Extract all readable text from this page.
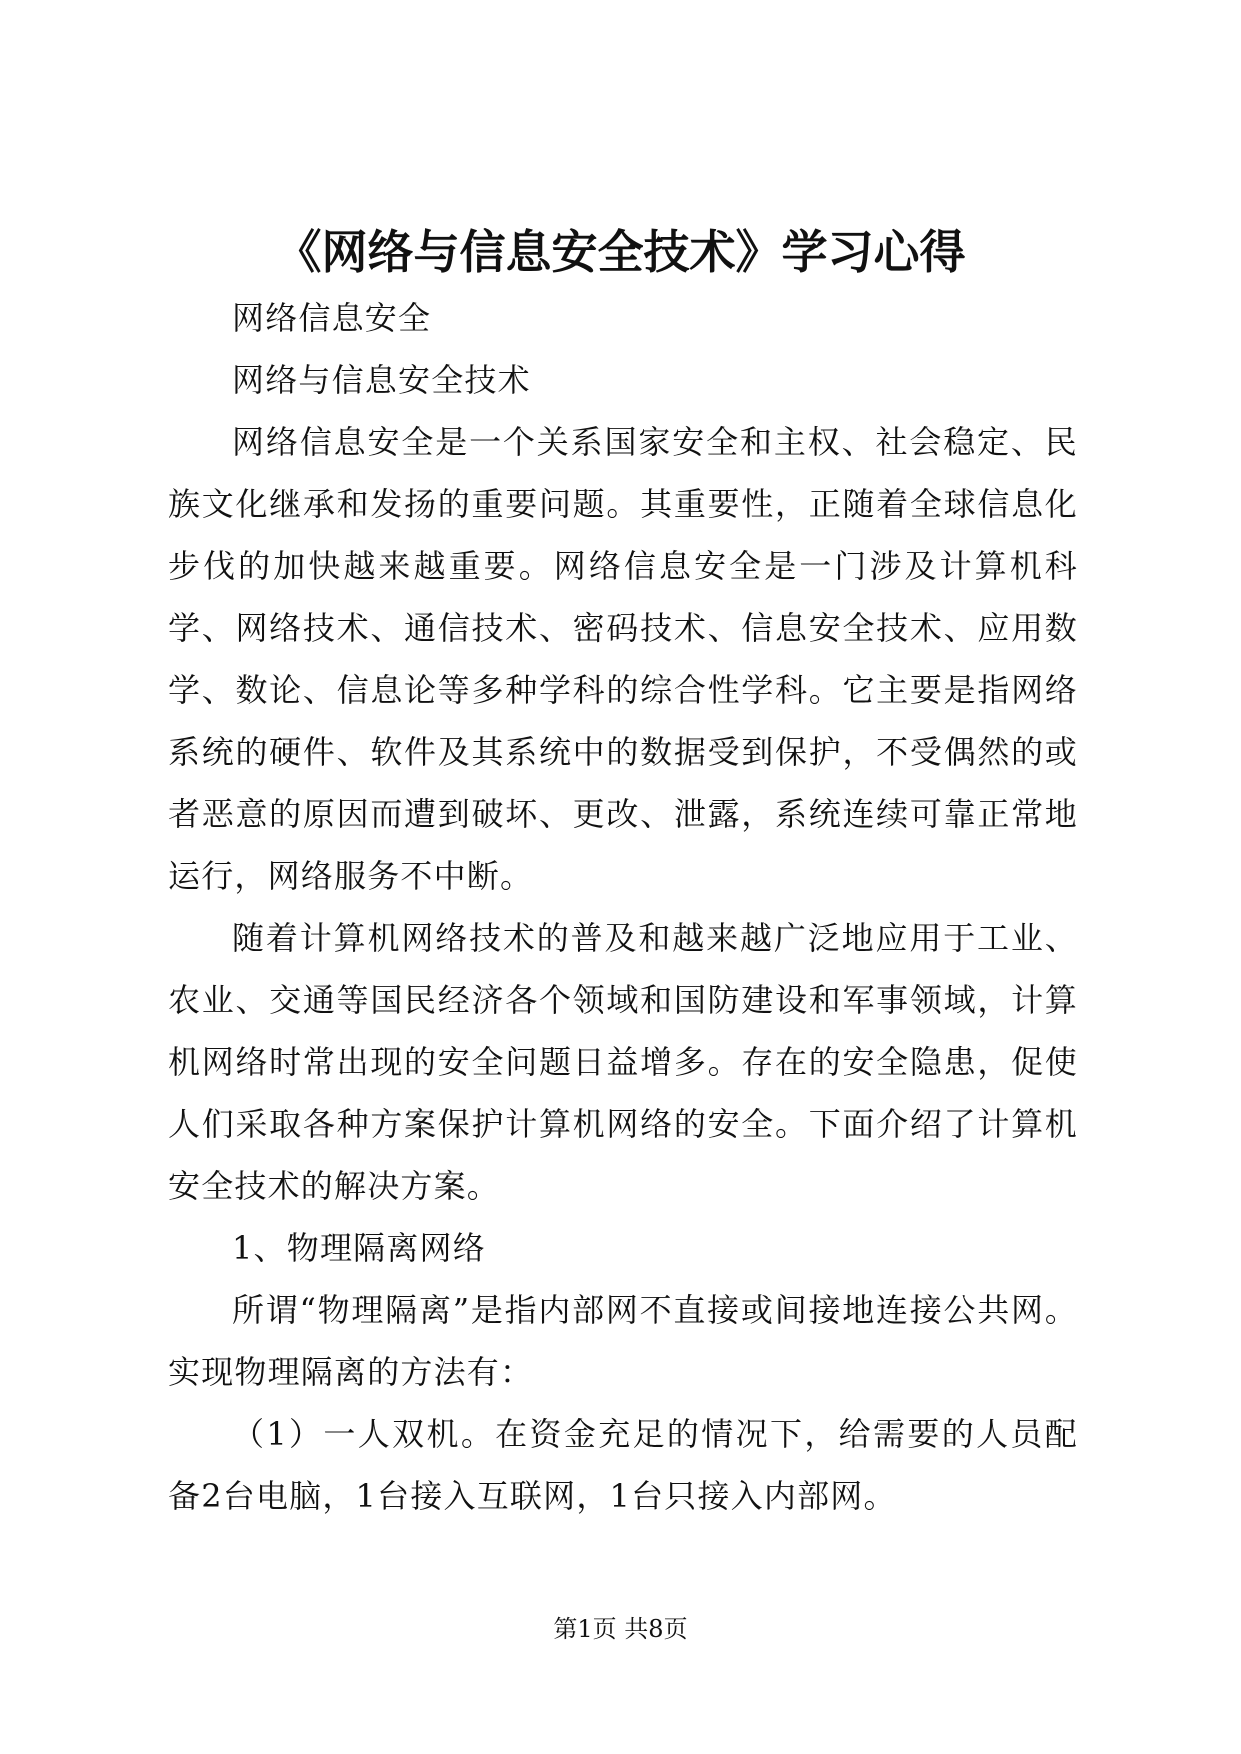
《网络与信息安全技术》学习心得

网络信息安全

网络与信息安全技术

网络信息安全是一个关系国家安全和主权、社会稳定、民族文化继承和发扬的重要问题。其重要性，正随着全球信息化步伐的加快越来越重要。网络信息安全是一门涉及计算机科学、网络技术、通信技术、密码技术、信息安全技术、应用数学、数论、信息论等多种学科的综合性学科。它主要是指网络系统的硬件、软件及其系统中的数据受到保护，不受偶然的或者恶意的原因而遭到破坏、更改、泄露，系统连续可靠正常地运行，网络服务不中断。

随着计算机网络技术的普及和越来越广泛地应用于工业、农业、交通等国民经济各个领域和国防建设和军事领域，计算机网络时常出现的安全问题日益增多。存在的安全隐患，促使人们采取各种方案保护计算机网络的安全。下面介绍了计算机安全技术的解决方案。

1、物理隔离网络

所谓“物理隔离”是指内部网不直接或间接地连接公共网。实现物理隔离的方法有：

（1）一人双机。在资金充足的情况下，给需要的人员配备2台电脑，1台接入互联网，1台只接入内部网。

第1页 共8页
